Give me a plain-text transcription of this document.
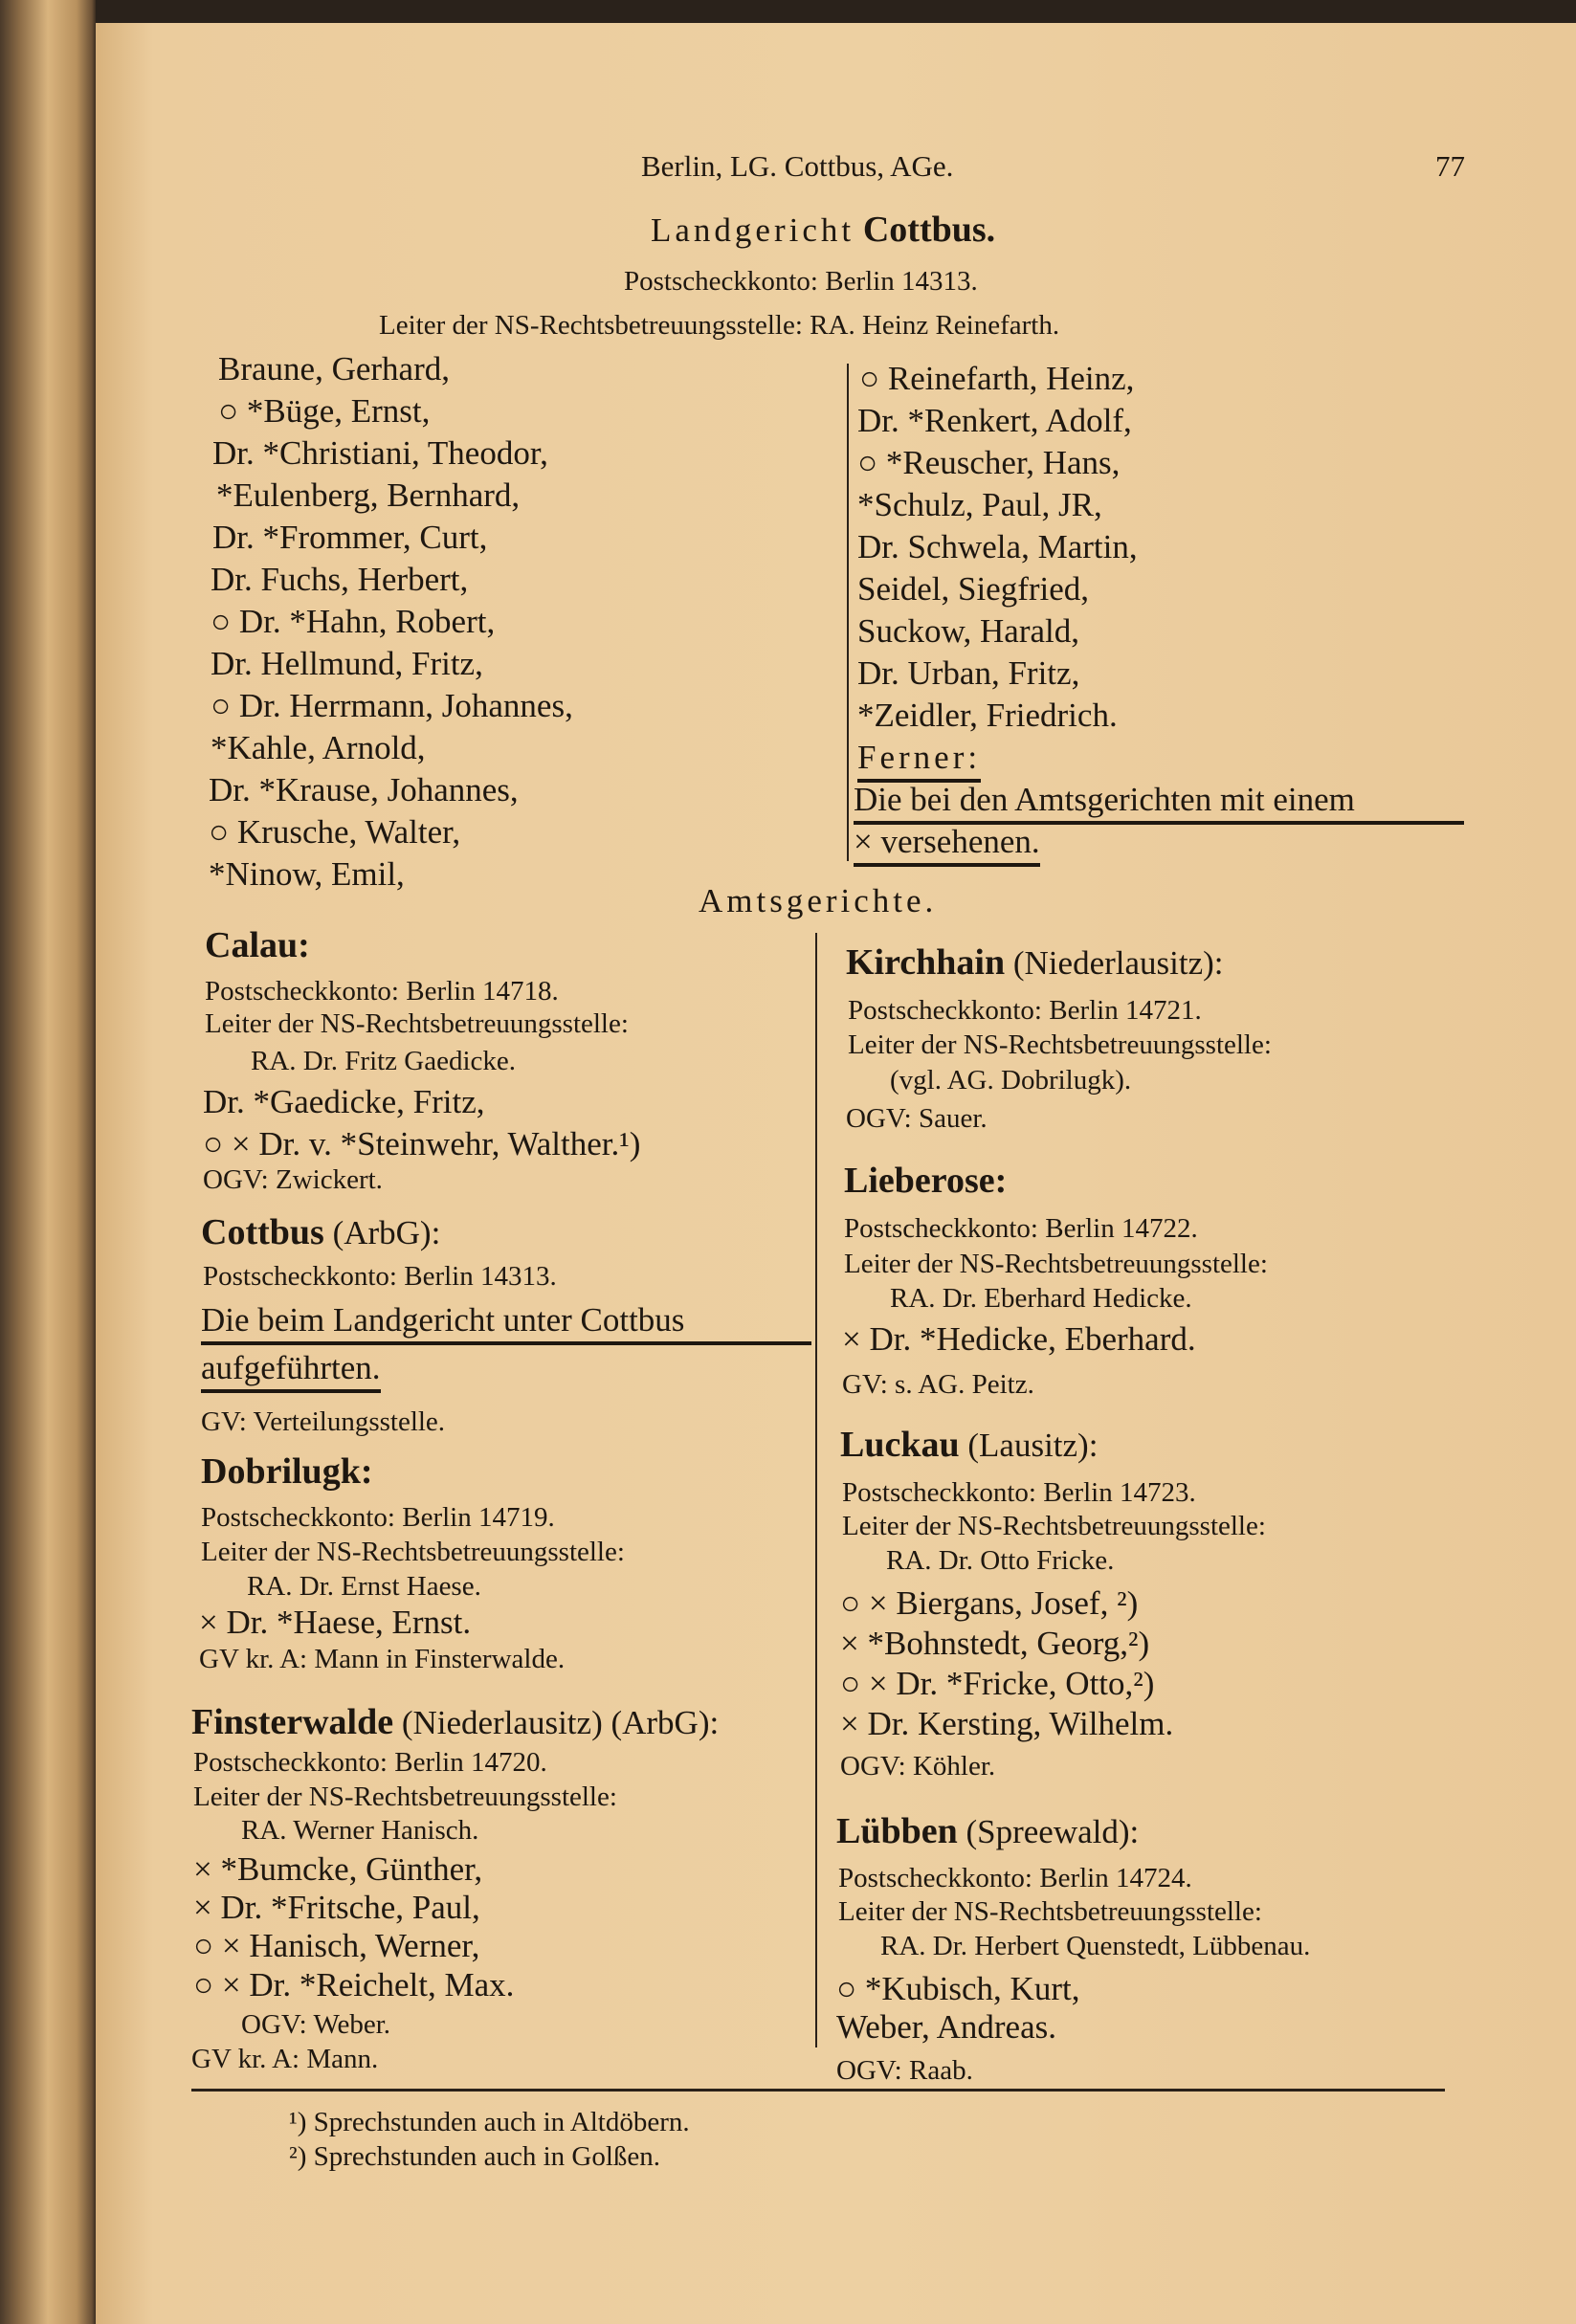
Berlin, LG. Cottbus, AGe.	77
Landgericht Cottbus.
Postscheckkonto: Berlin 14313.
Leiter der NS-Rechtsbetreuungsstelle: RA. Heinz Reinefarth.
Braune, Gerhard,
○ *Büge, Ernst,
Dr. *Christiani, Theodor,
*Eulenberg, Bernhard,
Dr. *Frommer, Curt,
Dr. Fuchs, Herbert,
○ Dr. *Hahn, Robert,
Dr. Hellmund, Fritz,
○ Dr. Herrmann, Johannes,
*Kahle, Arnold,
Dr. *Krause, Johannes,
○ Krusche, Walter,
*Ninow, Emil,
○ Reinefarth, Heinz,
Dr. *Renkert, Adolf,
○ *Reuscher, Hans,
*Schulz, Paul, JR,
Dr. Schwela, Martin,
Seidel, Siegfried,
Suckow, Harald,
Dr. Urban, Fritz,
*Zeidler, Friedrich.
Ferner:
Die bei den Amtsgerichten mit einem
× versehenen.
Amtsgerichte.
Calau:
Postscheckkonto: Berlin 14718.
Leiter der NS-Rechtsbetreuungsstelle:
RA. Dr. Fritz Gaedicke.
Dr. *Gaedicke, Fritz,
○ × Dr. v. *Steinwehr, Walther.¹)
OGV: Zwickert.
Cottbus (ArbG):
Postscheckkonto: Berlin 14313.
Die beim Landgericht unter Cottbus
aufgeführten.
GV: Verteilungsstelle.
Dobrilugk:
Postscheckkonto: Berlin 14719.
Leiter der NS-Rechtsbetreuungsstelle:
RA. Dr. Ernst Haese.
× Dr. *Haese, Ernst.
GV kr. A: Mann in Finsterwalde.
Finsterwalde (Niederlausitz) (ArbG):
Postscheckkonto: Berlin 14720.
Leiter der NS-Rechtsbetreuungsstelle:
RA. Werner Hanisch.
× *Bumcke, Günther,
× Dr. *Fritsche, Paul,
○ × Hanisch, Werner,
○ × Dr. *Reichelt, Max.
OGV: Weber.
GV kr. A: Mann.
Kirchhain (Niederlausitz):
Postscheckkonto: Berlin 14721.
Leiter der NS-Rechtsbetreuungsstelle:
(vgl. AG. Dobrilugk).
OGV: Sauer.
Lieberose:
Postscheckkonto: Berlin 14722.
Leiter der NS-Rechtsbetreuungsstelle:
RA. Dr. Eberhard Hedicke.
× Dr. *Hedicke, Eberhard.
GV: s. AG. Peitz.
Luckau (Lausitz):
Postscheckkonto: Berlin 14723.
Leiter der NS-Rechtsbetreuungsstelle:
RA. Dr. Otto Fricke.
○ × Biergans, Josef, ²)
× *Bohnstedt, Georg,²)
○ × Dr. *Fricke, Otto,²)
× Dr. Kersting, Wilhelm.
OGV: Köhler.
Lübben (Spreewald):
Postscheckkonto: Berlin 14724.
Leiter der NS-Rechtsbetreuungsstelle:
RA. Dr. Herbert Quenstedt, Lübbenau.
○ *Kubisch, Kurt,
Weber, Andreas.
OGV: Raab.
¹) Sprechstunden auch in Altdöbern.
²) Sprechstunden auch in Golßen.
